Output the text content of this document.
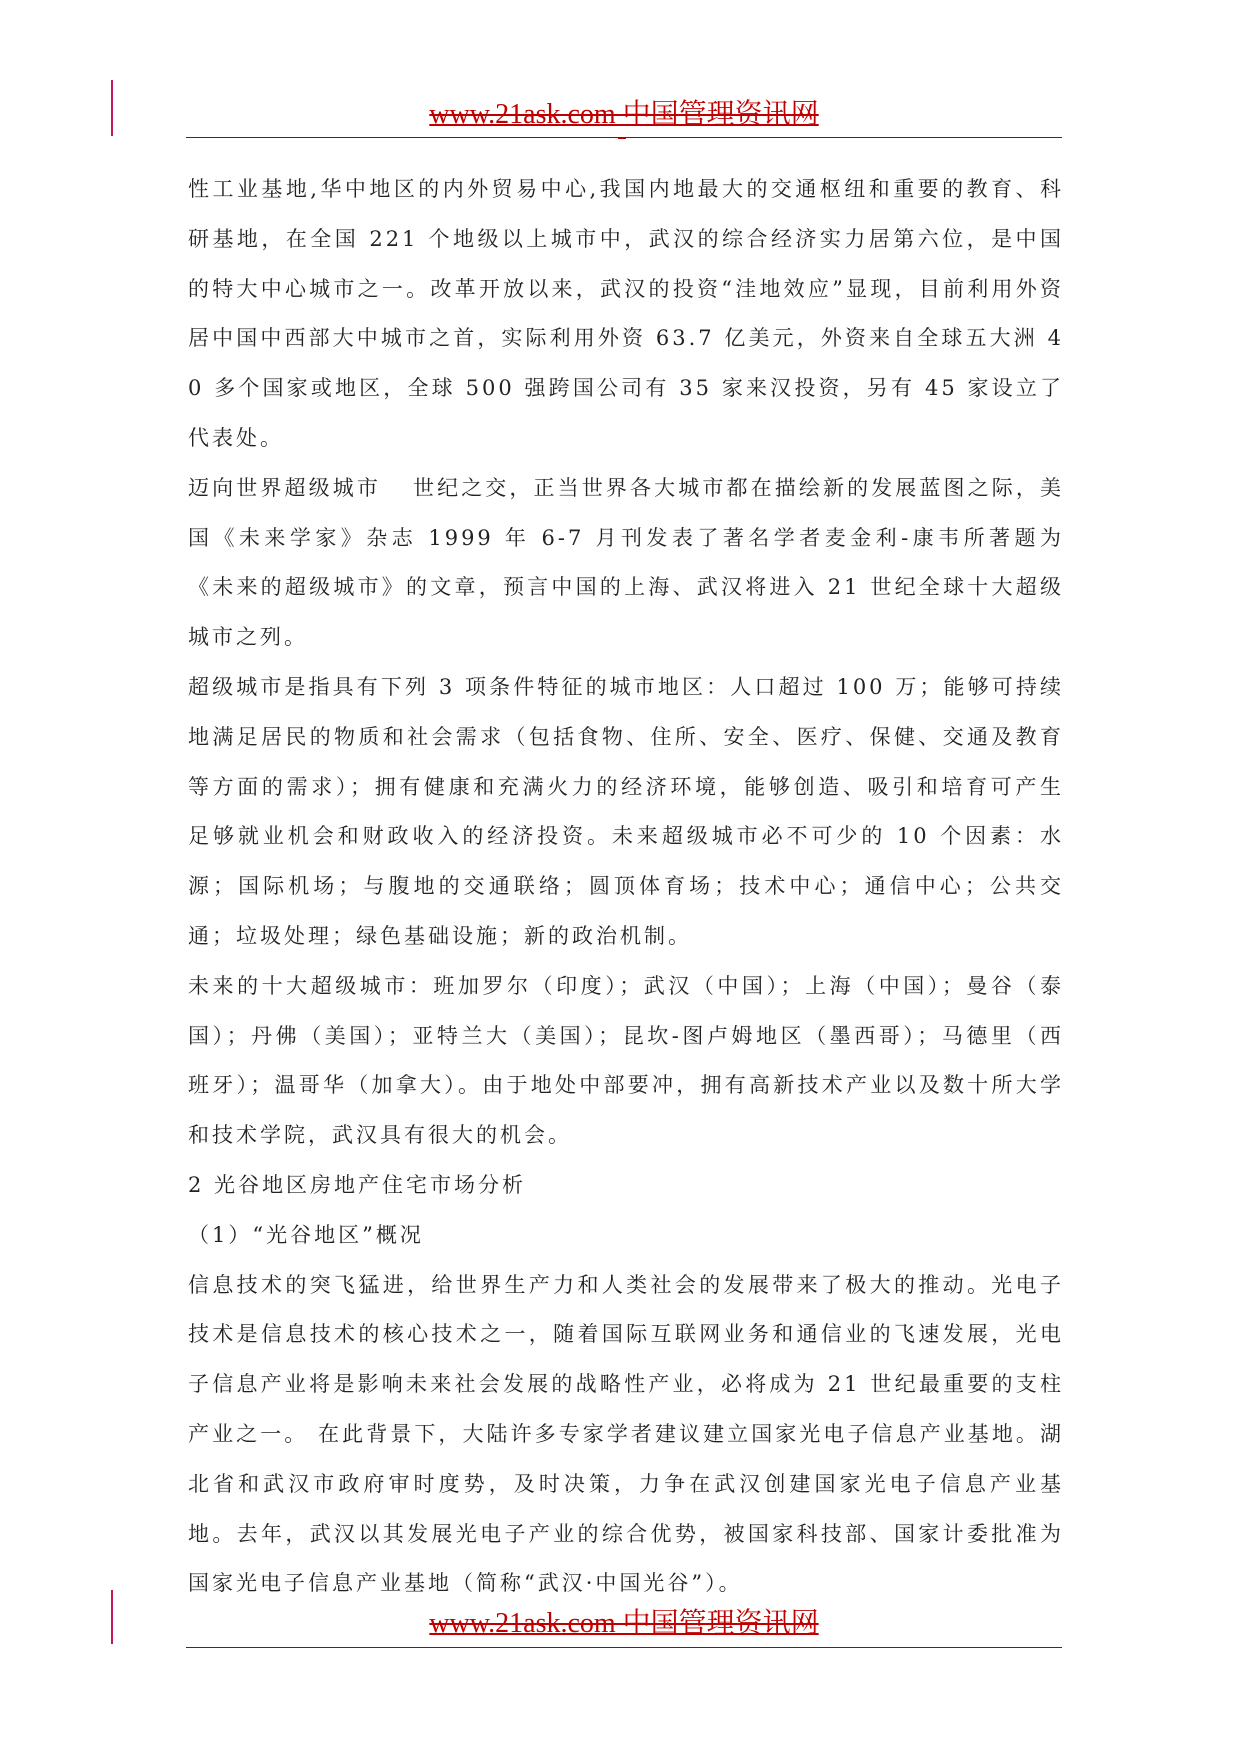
www.21ask.com 中国管理资讯网

性工业基地,华中地区的内外贸易中心,我国内地最大的交通枢纽和重要的教育、科研基地，在全国 221 个地级以上城市中，武汉的综合经济实力居第六位，是中国的特大中心城市之一。改革开放以来，武汉的投资“洼地效应”显现，目前利用外资居中国中西部大中城市之首，实际利用外资 63.7 亿美元，外资来自全球五大洲 40 多个国家或地区，全球 500 强跨国公司有 35 家来汉投资，另有 45 家设立了代表处。

迈向世界超级城市 世纪之交，正当世界各大城市都在描绘新的发展蓝图之际，美国《未来学家》杂志 1999 年 6-7 月刊发表了著名学者麦金利-康韦所著题为《未来的超级城市》的文章，预言中国的上海、武汉将进入 21 世纪全球十大超级城市之列。

超级城市是指具有下列 3 项条件特征的城市地区：人口超过 100 万；能够可持续地满足居民的物质和社会需求（包括食物、住所、安全、医疗、保健、交通及教育等方面的需求）；拥有健康和充满火力的经济环境，能够创造、吸引和培育可产生足够就业机会和财政收入的经济投资。未来超级城市必不可少的 10 个因素：水源；国际机场；与腹地的交通联络；圆顶体育场；技术中心；通信中心；公共交通；垃圾处理；绿色基础设施；新的政治机制。

未来的十大超级城市：班加罗尔（印度）；武汉（中国）；上海（中国）；曼谷（泰国）；丹佛（美国）；亚特兰大（美国）；昆坎-图卢姆地区（墨西哥）；马德里（西班牙）；温哥华（加拿大）。由于地处中部要冲，拥有高新技术产业以及数十所大学和技术学院，武汉具有很大的机会。

2 光谷地区房地产住宅市场分析

（1）“光谷地区”概况

信息技术的突飞猛进，给世界生产力和人类社会的发展带来了极大的推动。光电子技术是信息技术的核心技术之一，随着国际互联网业务和通信业的飞速发展，光电子信息产业将是影响未来社会发展的战略性产业，必将成为 21 世纪最重要的支柱产业之一。 在此背景下，大陆许多专家学者建议建立国家光电子信息产业基地。湖北省和武汉市政府审时度势，及时决策，力争在武汉创建国家光电子信息产业基地。去年，武汉以其发展光电子产业的综合优势，被国家科技部、国家计委批准为国家光电子信息产业基地（简称“武汉·中国光谷”）。

www.21ask.com 中国管理资讯网
